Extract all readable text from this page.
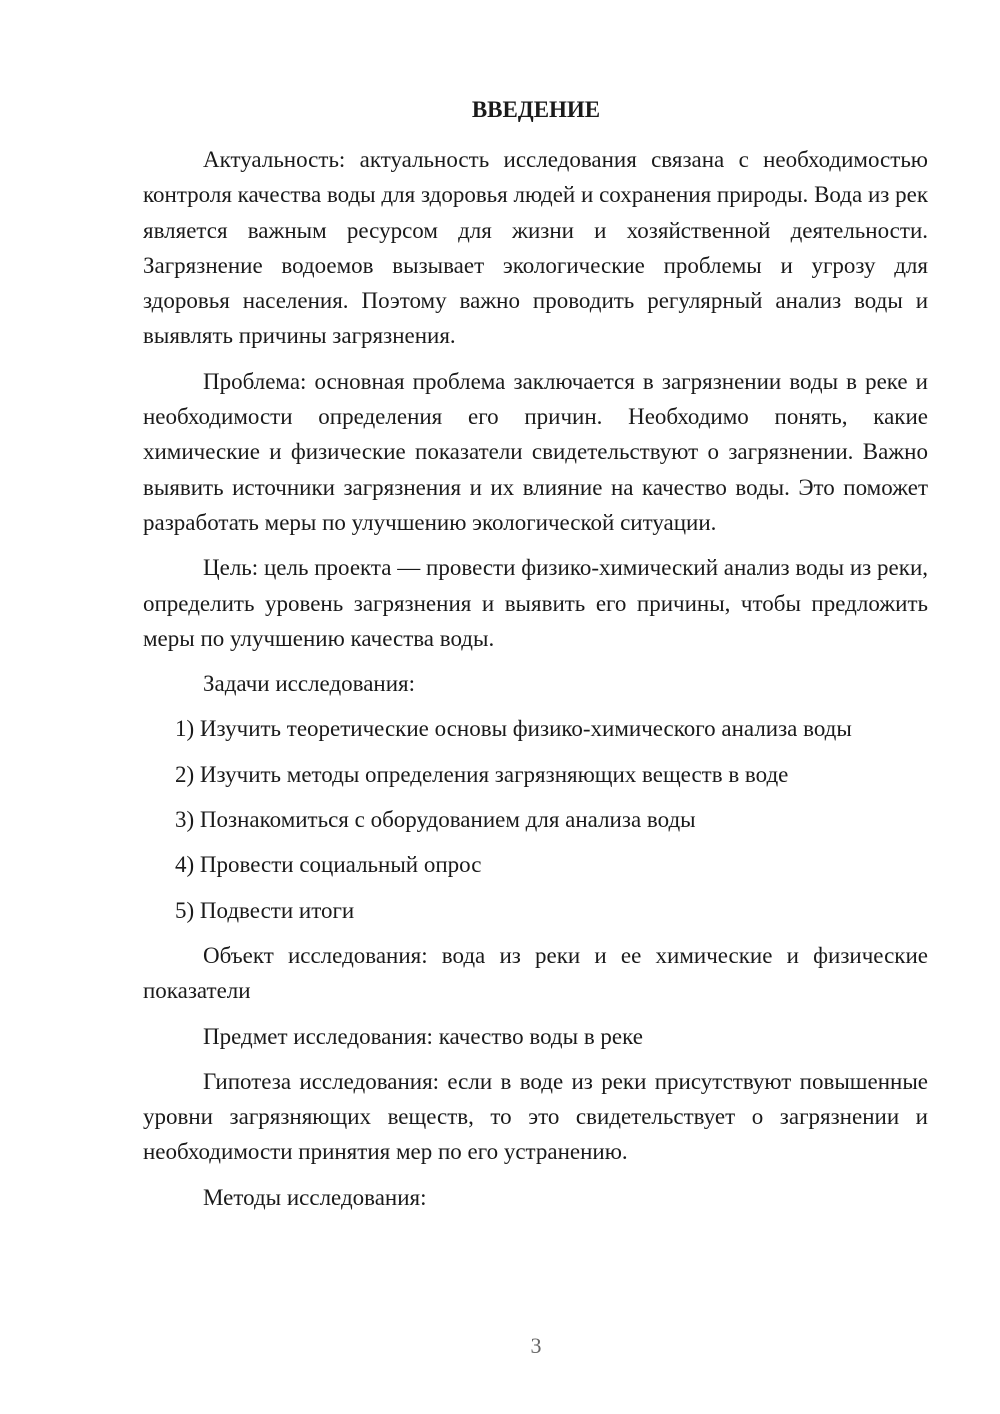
ВВЕДЕНИЕ

Актуальность: актуальность исследования связана с необходимостью контроля качества воды для здоровья людей и сохранения природы. Вода из рек является важным ресурсом для жизни и хозяйственной деятельности. Загрязнение водоемов вызывает экологические проблемы и угрозу для здоровья населения. Поэтому важно проводить регулярный анализ воды и выявлять причины загрязнения.

Проблема: основная проблема заключается в загрязнении воды в реке и необходимости определения его причин. Необходимо понять, какие химические и физические показатели свидетельствуют о загрязнении. Важно выявить источники загрязнения и их влияние на качество воды. Это поможет разработать меры по улучшению экологической ситуации.

Цель: цель проекта — провести физико-химический анализ воды из реки, определить уровень загрязнения и выявить его причины, чтобы предложить меры по улучшению качества воды.

Задачи исследования:

1) Изучить теоретические основы физико-химического анализа воды
2) Изучить методы определения загрязняющих веществ в воде
3) Познакомиться с оборудованием для анализа воды
4) Провести социальный опрос
5) Подвести итоги

Объект исследования: вода из реки и ее химические и физические показатели

Предмет исследования: качество воды в реке

Гипотеза исследования: если в воде из реки присутствуют повышенные уровни загрязняющих веществ, то это свидетельствует о загрязнении и необходимости принятия мер по его устранению.

Методы исследования:

3
